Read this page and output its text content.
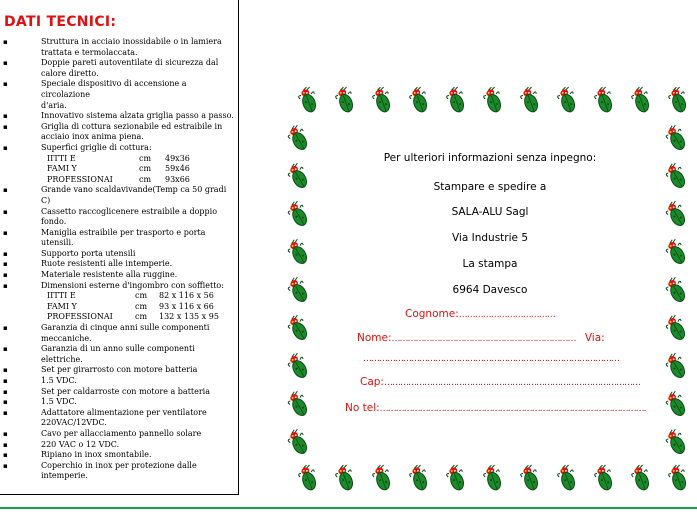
DATI TECNICI:
▪	Struttura in acciaio inossidabile o in lamiera
trattata e termolaccata.
▪	Doppie pareti autoventilate di sicurezza dal
calore diretto.
▪	Speciale dispositivo di accensione a circolazione
d'aria.
▪	Innovativo sistema alzata griglia passo a passo.
▪	Griglia di cottura sezionabile ed estraibile in
acciaio inox anima piena.
▪	Superfici griglie di cottura:
IITTI E	cm	49x36
FAMI Y	cm	59x46
PROFESSIONAI	cm	93x66
▪	Grande vano scaldavivande(Temp ca 50 gradi
C)
▪	Cassetto raccoglicenere estraibile a doppio
fondo.
▪	Maniglia estraibile per trasporto e porta
utensili.
▪	Supporto porta utensili
▪	Ruote resistenti alle intemperie.
▪	Materiale resistente alla ruggine.
▪	Dimensioni esterne d'ingombro con soffietto:
IITTI E	cm	82 x 116 x 56
FAMI Y	cm	93 x 116 x 66
PROFESSIONAI	cm	132 x 135 x 95
▪	Garanzia di cinque anni sulle componenti
meccaniche.
▪	Garanzia di un anno sulle componenti
elettriche.
▪	Set per girarrosto con motore batteria
▪	1.5 VDC.
▪	Set per caldarroste con motore a batteria
▪	1.5 VDC.
▪	Adattatore alimentazione per ventilatore
220VAC/12VDC.
▪	Cavo per allacciamento pannello solare
▪	220 VAC o 12 VDC.
▪	Ripiano in inox smontabile.
▪	Coperchio in inox per protezione dalle
intemperie.
Per ulteriori informazioni senza inpegno:
Stampare e spedire a
SALA-ALU Sagl
Via Industrie 5
La stampa
6964 Davesco
Cognome:………………………………
Nome:…………………………………………………………… Via:
……………………………………………………………………………………
Cap:……………………………………………………………………………………
No tel:……………………………………………………………………………………….
